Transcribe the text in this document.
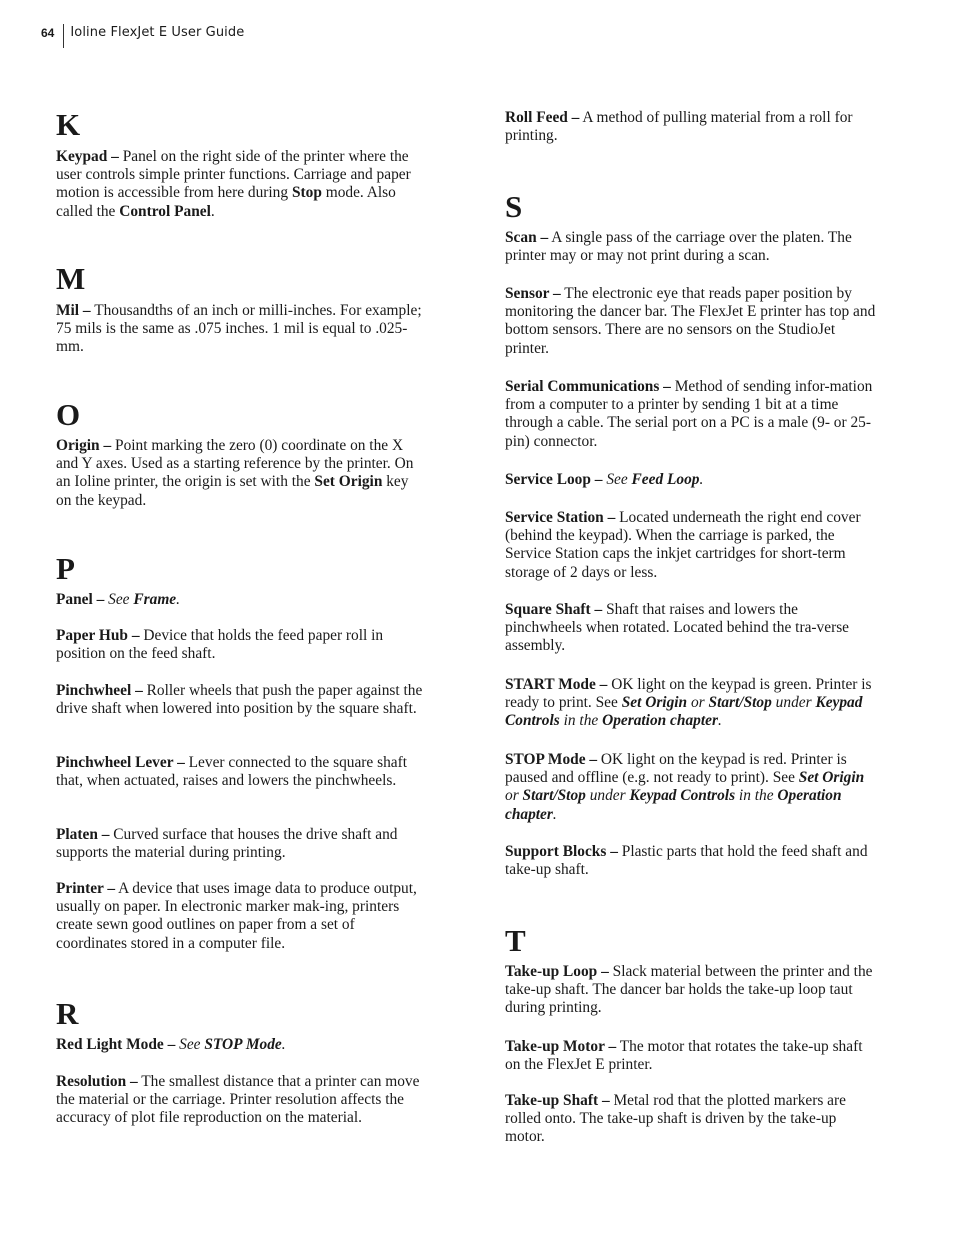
64 Ioline FlexJet E User Guide
K

Keypad – Panel on the right side of the printer where the user controls simple printer functions. Carriage and paper motion is accessible from here during Stop mode. Also called the Control Panel.

M

Mil – Thousandths of an inch or milli-inches. For example; 75 mils is the same as .075 inches. 1 mil is equal to .025-mm.

O

Origin – Point marking the zero (0) coordinate on the X and Y axes. Used as a starting reference by the printer. On an Ioline printer, the origin is set with the Set Origin key on the keypad.

P

Panel – See Frame.

Paper Hub – Device that holds the feed paper roll in position on the feed shaft.

Pinchwheel – Roller wheels that push the paper against the drive shaft when lowered into position by the square shaft.

Pinchwheel Lever – Lever connected to the square shaft that, when actuated, raises and lowers the pinchwheels.

Platen – Curved surface that houses the drive shaft and supports the material during printing.

Printer – A device that uses image data to produce output, usually on paper. In electronic marker mak-ing, printers create sewn good outlines on paper from a set of coordinates stored in a computer file.

R

Red Light Mode – See STOP Mode.

Resolution – The smallest distance that a printer can move the material or the carriage. Printer resolution affects the accuracy of plot file reproduction on the material.

Roll Feed – A method of pulling material from a roll for printing.

S

Scan – A single pass of the carriage over the platen. The printer may or may not print during a scan.

Sensor – The electronic eye that reads paper position by monitoring the dancer bar. The FlexJet E printer has top and bottom sensors. There are no sensors on the StudioJet printer.

Serial Communications – Method of sending infor-mation from a computer to a printer by sending 1 bit at a time through a cable. The serial port on a PC is a male (9- or 25-pin) connector.

Service Loop – See Feed Loop.

Service Station – Located underneath the right end cover (behind the keypad). When the carriage is parked, the Service Station caps the inkjet cartridges for short-term storage of 2 days or less.

Square Shaft – Shaft that raises and lowers the pinchwheels when rotated. Located behind the tra-verse assembly.

START Mode – OK light on the keypad is green. Printer is ready to print. See Set Origin or Start/Stop under Keypad Controls in the Operation chapter.

STOP Mode – OK light on the keypad is red. Printer is paused and offline (e.g. not ready to print). See Set Origin or Start/Stop under Keypad Controls in the Operation chapter.

Support Blocks – Plastic parts that hold the feed shaft and take-up shaft.

T

Take-up Loop – Slack material between the printer and the take-up shaft. The dancer bar holds the take-up loop taut during printing.

Take-up Motor – The motor that rotates the take-up shaft on the FlexJet E printer.

Take-up Shaft – Metal rod that the plotted markers are rolled onto. The take-up shaft is driven by the take-up motor.
